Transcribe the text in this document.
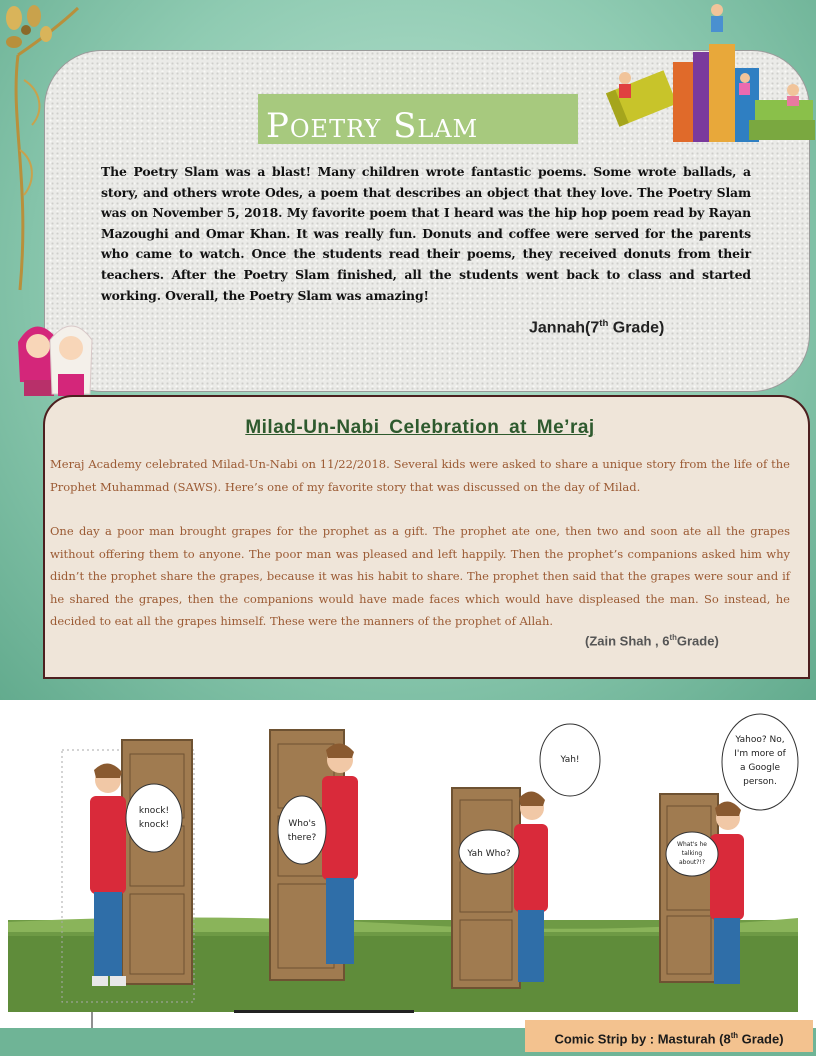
Poetry Slam

The Poetry Slam was a blast! Many children wrote fantastic poems. Some wrote ballads, a story, and others wrote Odes, a poem that describes an object that they love. The Poetry Slam was on November 5, 2018. My favorite poem that I heard was the hip hop poem read by Rayan Mazoughi and Omar Khan. It was really fun. Donuts and coffee were served for the parents who came to watch. Once the students read their poems, they received donuts from their teachers. After the Poetry Slam finished, all the students went back to class and started working. Overall, the Poetry Slam was amazing!

Jannah(7th Grade)
Milad-Un-Nabi Celebration at Me’raj

Meraj Academy celebrated Milad-Un-Nabi on 11/22/2018. Several kids were asked to share a unique story from the life of the Prophet Muhammad (SAWS). Here’s one of my favorite story that was discussed on the day of Milad.

One day a poor man brought grapes for the prophet as a gift. The prophet ate one, then two and soon ate all the grapes without offering them to anyone. The poor man was pleased and left happily. Then the prophet’s companions asked him why didn’t the prophet share the grapes, because it was his habit to share. The prophet then said that the grapes were sour and if he shared the grapes, then the companions would have made faces which would have displeased the man. So instead, he decided to eat all the grapes himself. These were the manners of the prophet of Allah.

(Zain Shah , 6thGrade)
knock!
knock!	Who's
there?
Yah Who?
Yah!
What's he
talking
about?!?
Yahoo? No,
I'm more of
a Google
person.
Comic Strip by : Masturah (8th Grade)
